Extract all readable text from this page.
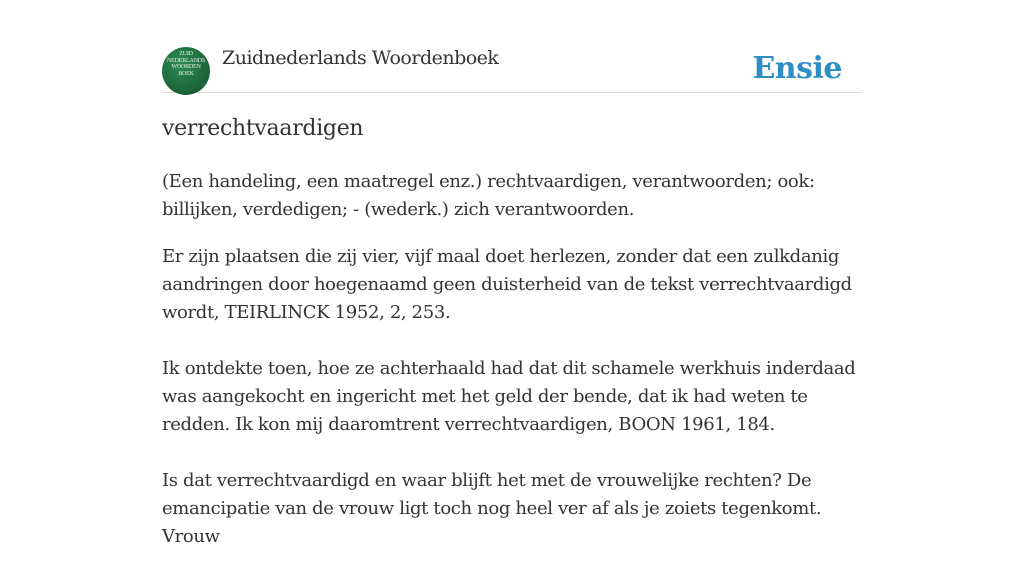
ZUID
NEDERLANDS
WOORDEN
BOEK
Zuidnederlands Woordenboek	Ensie
verrechtvaardigen

(Een handeling, een maatregel enz.) rechtvaardigen, verantwoorden; ook: billijken, verdedigen; - (wederk.) zich verantwoorden.

Er zijn plaatsen die zij vier, vijf maal doet herlezen, zonder dat een zulkdanig aandringen door hoegenaamd geen duisterheid van de tekst verrechtvaardigd wordt, TEIRLINCK 1952, 2, 253.

Ik ontdekte toen, hoe ze achterhaald had dat dit schamele werkhuis inderdaad was aangekocht en ingericht met het geld der bende, dat ik had weten te redden. Ik kon mij daaromtrent verrechtvaardigen, BOON 1961, 184.

Is dat verrechtvaardigd en waar blijft het met de vrouwelijke rechten? De emancipatie van de vrouw ligt toch nog heel ver af als je zoiets tegenkomt. Vrouw
